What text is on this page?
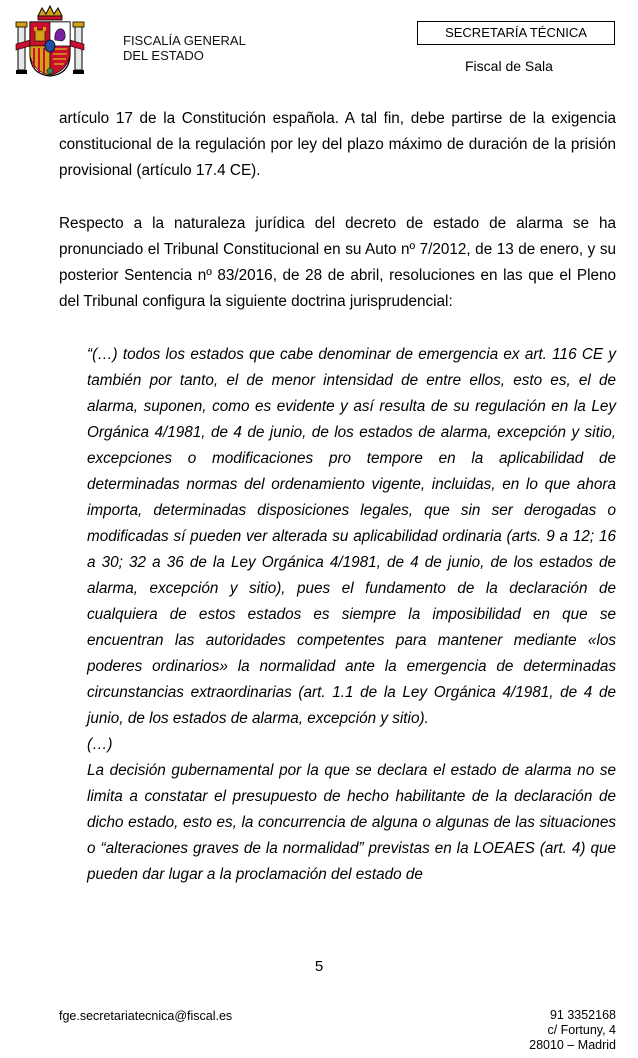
FISCALÍA GENERAL
DEL ESTADO
SECRETARÍA TÉCNICA
Fiscal de Sala

artículo 17 de la Constitución española. A tal fin, debe partirse de la exigencia constitucional de la regulación por ley del plazo máximo de duración de la prisión provisional (artículo 17.4 CE).

Respecto a la naturaleza jurídica del decreto de estado de alarma se ha pronunciado el Tribunal Constitucional en su Auto nº 7/2012, de 13 de enero, y su posterior Sentencia nº 83/2016, de 28 de abril, resoluciones en las que el Pleno del Tribunal configura la siguiente doctrina jurisprudencial:

“(…) todos los estados que cabe denominar de emergencia ex art. 116 CE y también por tanto, el de menor intensidad de entre ellos, esto es, el de alarma, suponen, como es evidente y así resulta de su regulación en la Ley Orgánica 4/1981, de 4 de junio, de los estados de alarma, excepción y sitio, excepciones o modificaciones pro tempore en la aplicabilidad de determinadas normas del ordenamiento vigente, incluidas, en lo que ahora importa, determinadas disposiciones legales, que sin ser derogadas o modificadas sí pueden ver alterada su aplicabilidad ordinaria (arts. 9 a 12; 16 a 30; 32 a 36 de la Ley Orgánica 4/1981, de 4 de junio, de los estados de alarma, excepción y sitio), pues el fundamento de la declaración de cualquiera de estos estados es siempre la imposibilidad en que se encuentran las autoridades competentes para mantener mediante «los poderes ordinarios» la normalidad ante la emergencia de determinadas circunstancias extraordinarias (art. 1.1 de la Ley Orgánica 4/1981, de 4 de junio, de los estados de alarma, excepción y sitio).

(…)

La decisión gubernamental por la que se declara el estado de alarma no se limita a constatar el presupuesto de hecho habilitante de la declaración de dicho estado, esto es, la concurrencia de alguna o algunas de las situaciones o “alteraciones graves de la normalidad” previstas en la LOEAES (art. 4) que pueden dar lugar a la proclamación del estado de

5
fge.secretariatecnica@fiscal.es	91 3352168
c/ Fortuny, 4
28010 – Madrid
